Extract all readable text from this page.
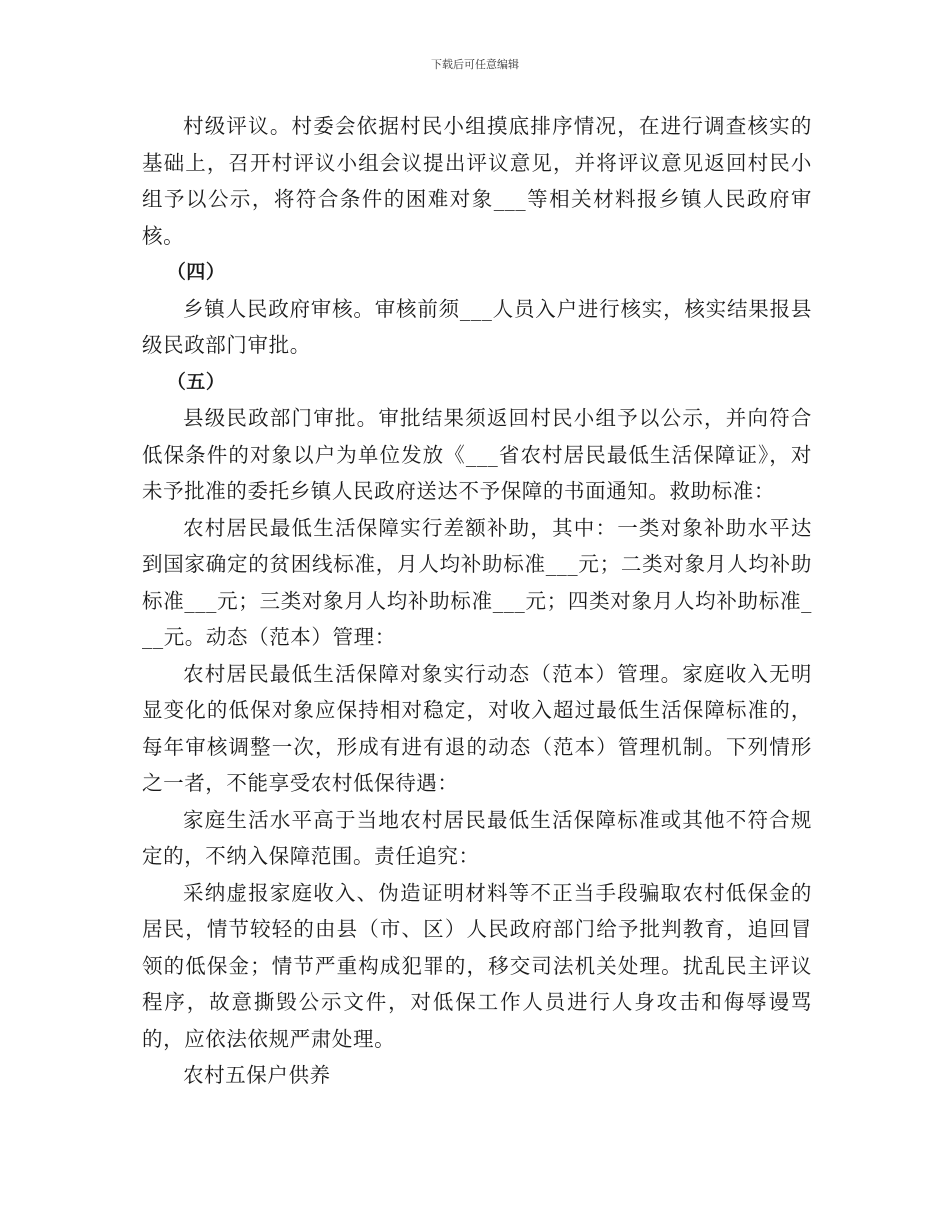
下载后可任意编辑

村级评议。村委会依据村民小组摸底排序情况，在进行调查核实的基础上，召开村评议小组会议提出评议意见，并将评议意见返回村民小组予以公示，将符合条件的困难对象___等相关材料报乡镇人民政府审核。

（四）

乡镇人民政府审核。审核前须___人员入户进行核实，核实结果报县级民政部门审批。

（五）

县级民政部门审批。审批结果须返回村民小组予以公示，并向符合低保条件的对象以户为单位发放《___省农村居民最低生活保障证》，对未予批准的委托乡镇人民政府送达不予保障的书面通知。救助标准：

农村居民最低生活保障实行差额补助，其中：一类对象补助水平达到国家确定的贫困线标准，月人均补助标准___元；二类对象月人均补助标准___元；三类对象月人均补助标准___元；四类对象月人均补助标准___元。动态（范本）管理：

农村居民最低生活保障对象实行动态（范本）管理。家庭收入无明显变化的低保对象应保持相对稳定，对收入超过最低生活保障标准的，每年审核调整一次，形成有进有退的动态（范本）管理机制。下列情形之一者，不能享受农村低保待遇：

家庭生活水平高于当地农村居民最低生活保障标准或其他不符合规定的，不纳入保障范围。责任追究：

采纳虚报家庭收入、伪造证明材料等不正当手段骗取农村低保金的居民，情节较轻的由县（市、区）人民政府部门给予批判教育，追回冒领的低保金；情节严重构成犯罪的，移交司法机关处理。扰乱民主评议程序，故意撕毁公示文件，对低保工作人员进行人身攻击和侮辱谩骂的，应依法依规严肃处理。

农村五保户供养
